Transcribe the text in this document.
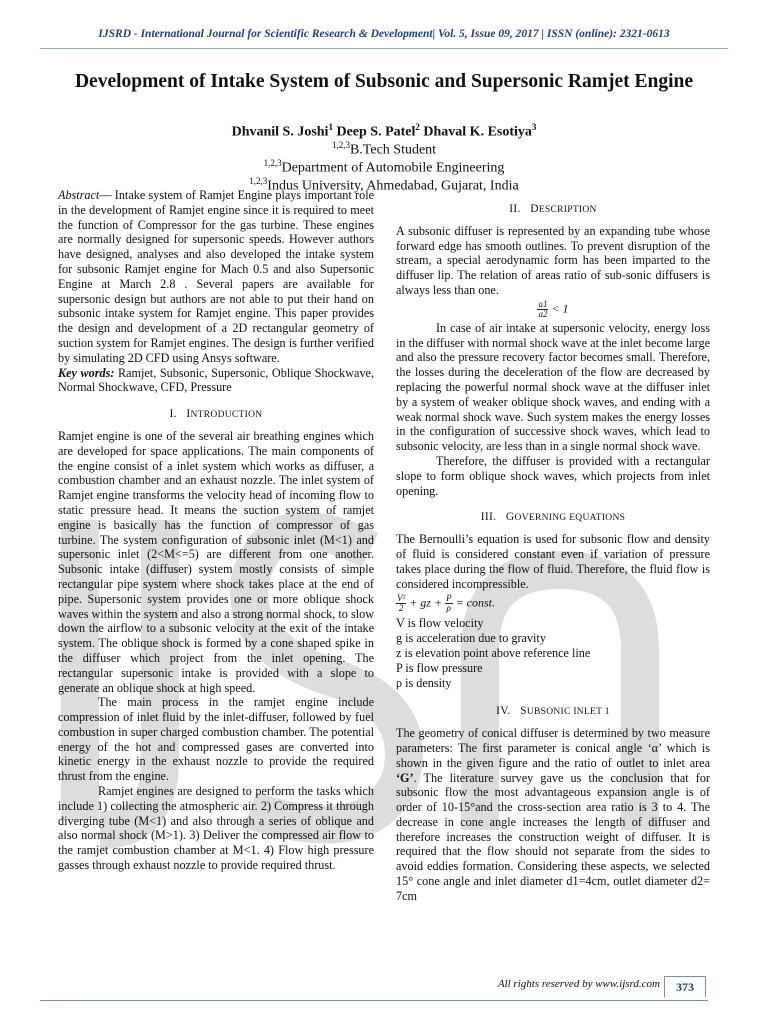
IJSRD - International Journal for Scientific Research & Development| Vol. 5, Issue 09, 2017 | ISSN (online): 2321-0613
Development of Intake System of Subsonic and Supersonic Ramjet Engine
Dhvanil S. Joshi$^1$ Deep S. Patel$^2$ Dhaval K. Esotiya$^3$
$^{1,2,3}$B.Tech Student
$^{1,2,3}$Department of Automobile Engineering
$^{1,2,3}$Indus University, Ahmedabad, Gujarat, India

Abstract— Intake system of Ramjet Engine plays important role in the development of Ramjet engine since it is required to meet the function of Compressor for the gas turbine. These engines are normally designed for supersonic speeds. However authors have designed, analyses and also developed the intake system for subsonic Ramjet engine for Mach 0.5 and also Supersonic Engine at March 2.8 . Several papers are available for supersonic design but authors are not able to put their hand on subsonic intake system for Ramjet engine. This paper provides the design and development of a 2D rectangular geometry of suction system for Ramjet engines. The design is further verified by simulating 2D CFD using Ansys software.

Key words: Ramjet, Subsonic, Supersonic, Oblique Shockwave, Normal Shockwave, CFD, Pressure

I. INTRODUCTION

Ramjet engine is one of the several air breathing engines which are developed for space applications. The main components of the engine consist of a inlet system which works as diffuser, a combustion chamber and an exhaust nozzle. The inlet system of Ramjet engine transforms the velocity head of incoming flow to static pressure head. It means the suction system of ramjet engine is basically has the function of compressor of gas turbine. The system configuration of subsonic inlet (M<1) and supersonic inlet (2<M<=5) are different from one another. Subsonic intake (diffuser) system mostly consists of simple rectangular pipe system where shock takes place at the end of pipe. Supersonic system provides one or more oblique shock waves within the system and also a strong normal shock, to slow down the airflow to a subsonic velocity at the exit of the intake system. The oblique shock is formed by a cone shaped spike in the diffuser which project from the inlet opening. The rectangular supersonic intake is provided with a slope to generate an oblique shock at high speed.

The main process in the ramjet engine include compression of inlet fluid by the inlet-diffuser, followed by fuel combustion in super charged combustion chamber. The potential energy of the hot and compressed gases are converted into kinetic energy in the exhaust nozzle to provide the required thrust from the engine.

Ramjet engines are designed to perform the tasks which include 1) collecting the atmospheric air. 2) Compress it through diverging tube (M<1) and also through a series of oblique and also normal shock (M>1). 3) Deliver the compressed air flow to the ramjet combustion chamber at M<1. 4) Flow high pressure gasses through exhaust nozzle to provide required thrust.

II. DESCRIPTION

A subsonic diffuser is represented by an expanding tube whose forward edge has smooth outlines. To prevent disruption of the stream, a special aerodynamic form has been imparted to the diffuser lip. The relation of areas ratio of sub-sonic diffusers is always less than one.

$\frac{a1}{a2} < 1$

In case of air intake at supersonic velocity, energy loss in the diffuser with normal shock wave at the inlet become large and also the pressure recovery factor becomes small. Therefore, the losses during the deceleration of the flow are decreased by replacing the powerful normal shock wave at the diffuser inlet by a system of weaker oblique shock waves, and ending with a weak normal shock wave. Such system makes the energy losses in the configuration of successive shock waves, which lead to subsonic velocity, are less than in a single normal shock wave.

Therefore, the diffuser is provided with a rectangular slope to form oblique shock waves, which projects from inlet opening.

III. GOVERNING EQUATIONS

The Bernoulli’s equation is used for subsonic flow and density of fluid is considered constant even if variation of pressure takes place during the flow of fluid. Therefore, the fluid flow is considered incompressible.

$\frac{\text{V²}}{2}$ + gz + $\frac{P}{\rho}$ = const.
V is flow velocity
g is acceleration due to gravity
z is elevation point above reference line
P is flow pressure
ρ is density
IV. SUBSONIC INLET 1

The geometry of conical diffuser is determined by two measure parameters: The first parameter is conical angle ‘α’ which is shown in the given figure and the ratio of outlet to inlet area ‘G’. The literature survey gave us the conclusion that for subsonic flow the most advantageous expansion angle is of order of 10-15°and the cross-section area ratio is 3 to 4. The decrease in cone angle increases the length of diffuser and therefore increases the construction weight of diffuser. It is required that the flow should not separate from the sides to avoid eddies formation. Considering these aspects, we selected 15° cone angle and inlet diameter d1=4cm, outlet diameter d2= 7cm

All rights reserved by www.ijsrd.com	373
